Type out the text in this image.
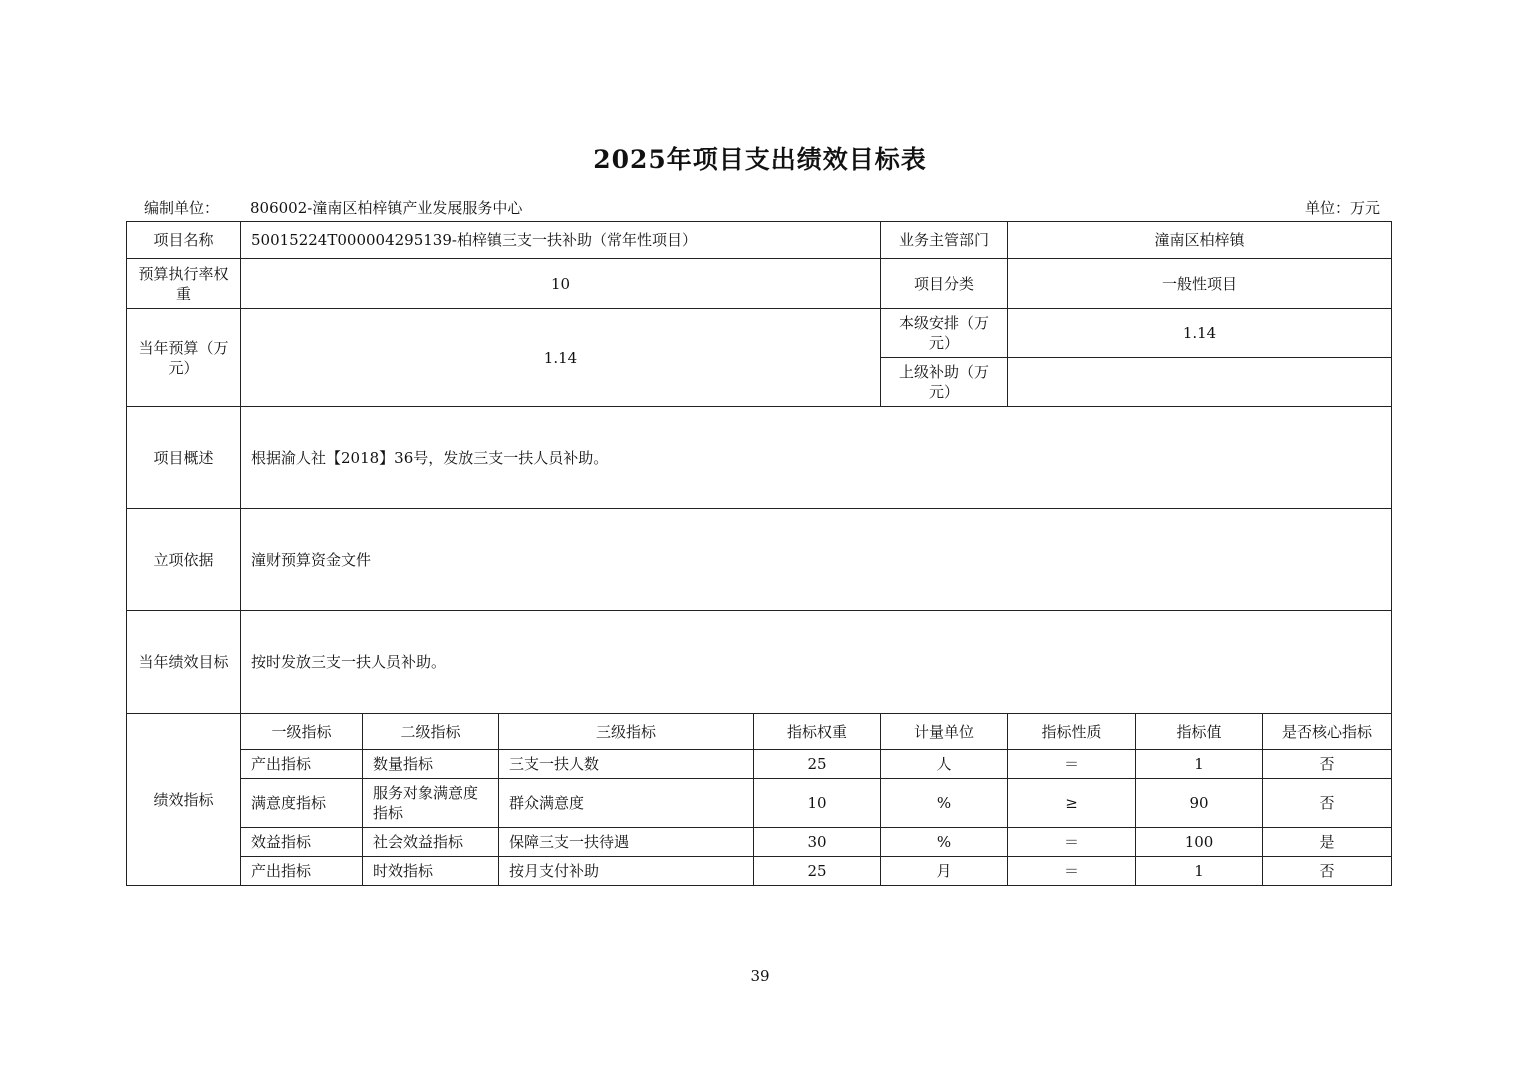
2025年项目支出绩效目标表
编制单位： 806002-潼南区柏梓镇产业发展服务中心	单位：万元
项目名称	50015224T000004295139-柏梓镇三支一扶补助（常年性项目）				业务主管部门	潼南区柏梓镇		
预算执行率权重	10				项目分类	一般性项目		
当年预算（万元）	1.14				本级安排（万元）	1.14		
					上级补助（万元）			
项目概述	根据渝人社【2018】36号，发放三支一扶人员补助。							
立项依据	潼财预算资金文件							
当年绩效目标	按时发放三支一扶人员补助。							
绩效指标	一级指标	二级指标	三级指标	指标权重	计量单位	指标性质	指标值	是否核心指标
	产出指标	数量指标	三支一扶人数	25	人	＝	1	否
	满意度指标	服务对象满意度指标	群众满意度	10	%	≥	90	否
	效益指标	社会效益指标	保障三支一扶待遇	30	%	＝	100	是
	产出指标	时效指标	按月支付补助	25	月	＝	1	否
39
